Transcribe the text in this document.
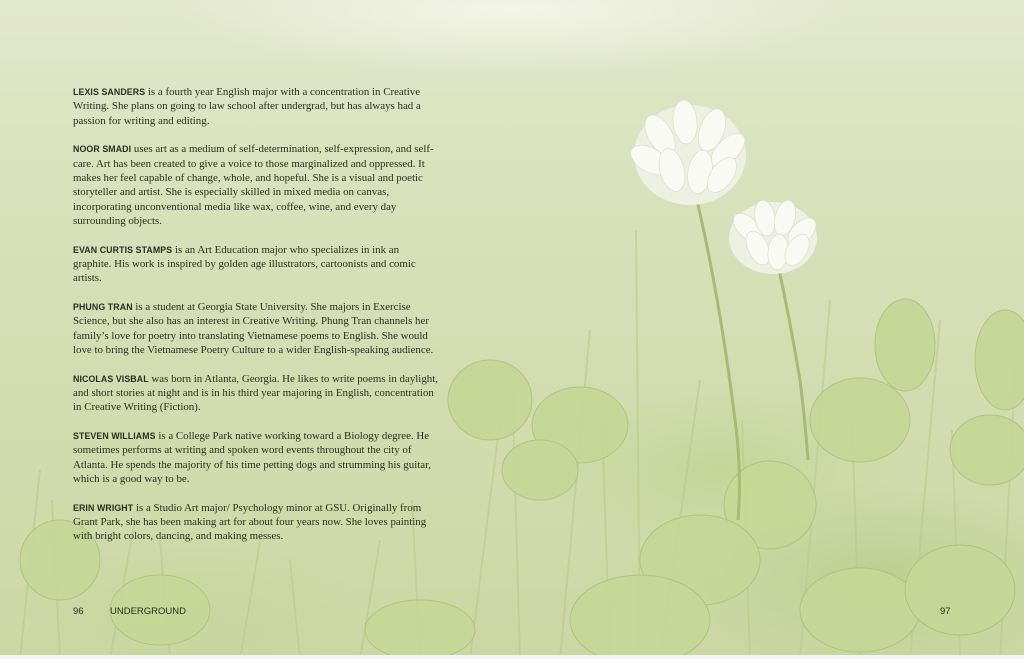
LEXIS SANDERS is a fourth year English major with a concentration in Creative Writing. She plans on going to law school after undergrad, but has always had a passion for writing and editing.

NOOR SMADI uses art as a medium of self-determination, self-expression, and self-care. Art has been created to give a voice to those marginalized and oppressed. It makes her feel capable of change, whole, and hopeful. She is a visual and poetic storyteller and artist. She is especially skilled in mixed media on canvas, incorporating unconventional media like wax, coffee, wine, and every day surrounding objects.

EVAN CURTIS STAMPS is an Art Education major who specializes in ink an graphite. His work is inspired by golden age illustrators, cartoonists and comic artists.

PHUNG TRAN is a student at Georgia State University. She majors in Exercise Science, but she also has an interest in Creative Writing. Phung Tran channels her family’s love for poetry into translating Vietnamese poems to English. She would love to bring the Vietnamese Poetry Culture to a wider English-speaking audience.

NICOLAS VISBAL was born in Atlanta, Georgia. He likes to write poems in daylight, and short stories at night and is in his third year majoring in English, concentration in Creative Writing (Fiction).

STEVEN WILLIAMS is a College Park native working toward a Biology degree. He sometimes performs at writing and spoken word events throughout the city of Atlanta. He spends the majority of his time petting dogs and strumming his guitar, which is a good way to be.

ERIN WRIGHT is a Studio Art major/ Psychology minor at GSU. Originally from Grant Park, she has been making art for about four years now. She loves painting with bright colors, dancing, and making messes.

96	UNDERGROUND	97
